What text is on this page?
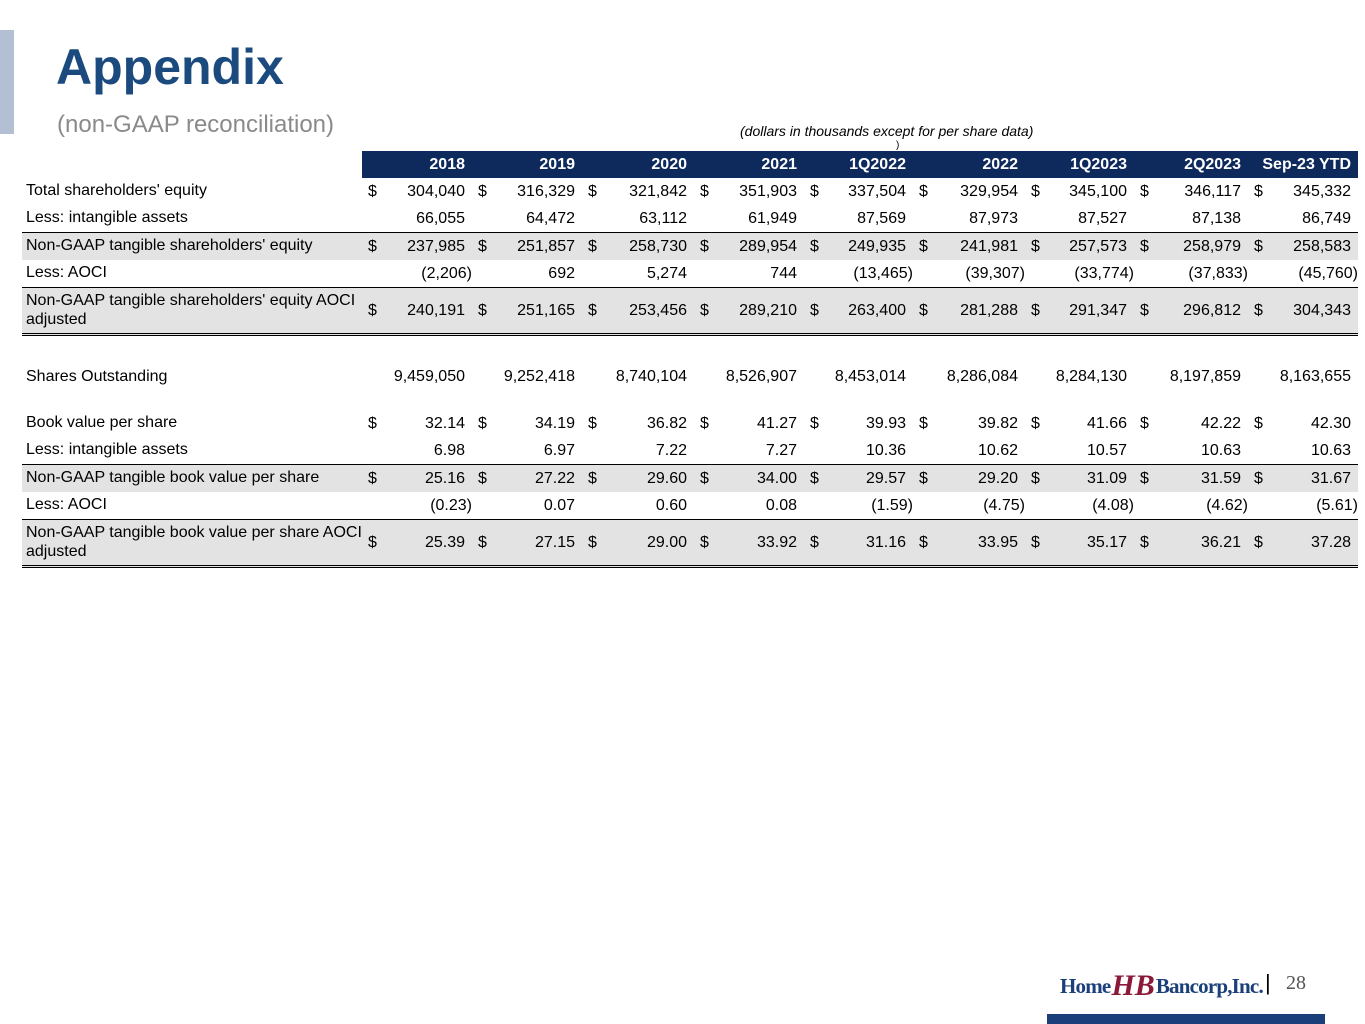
Appendix
(non-GAAP reconciliation)	(dollars in thousands except for per share data)
)
	2018	2019	2020	2021	1Q2022	2022	1Q2023	2Q2023	Sep-23 YTD
Total shareholders' equity	$ 304,040	$ 316,329	$ 321,842	$ 351,903	$ 337,504	$ 329,954	$ 345,100	$ 346,117	$ 345,332

Less: intangible assets	66,055	64,472	63,112	61,949	87,569	87,973	87,527	87,138	86,749

Non-GAAP tangible shareholders' equity	$ 237,985	$ 251,857	$ 258,730	$ 289,954	$ 249,935	$ 241,981	$ 257,573	$ 258,979	$ 258,583

Less: AOCI	(2,206)	692	5,274	744	(13,465)	(39,307)	(33,774)	(37,833)	(45,760)

Non-GAAP tangible shareholders' equity AOCI adjusted	$ 240,191	$ 251,165	$ 253,456	$ 289,210	$ 263,400	$ 281,288	$ 291,347	$ 296,812	$ 304,343

Shares Outstanding	9,459,050	9,252,418	8,740,104	8,526,907	8,453,014	8,286,084	8,284,130	8,197,859	8,163,655

Book value per share	$ 32.14	$ 34.19	$ 36.82	$ 41.27	$ 39.93	$ 39.82	$ 41.66	$ 42.22	$ 42.30

Less: intangible assets	6.98	6.97	7.22	7.27	10.36	10.62	10.57	10.63	10.63

Non-GAAP tangible book value per share	$ 25.16	$ 27.22	$ 29.60	$ 34.00	$ 29.57	$ 29.20	$ 31.09	$ 31.59	$ 31.67

Less: AOCI	(0.23)	0.07	0.60	0.08	(1.59)	(4.75)	(4.08)	(4.62)	(5.61)

Non-GAAP tangible book value per share AOCI adjusted	$ 25.39	$ 27.15	$ 29.00	$ 33.92	$ 31.16	$ 33.95	$ 35.17	$ 36.21	$ 37.28
Home HB Bancorp,Inc. | 28
